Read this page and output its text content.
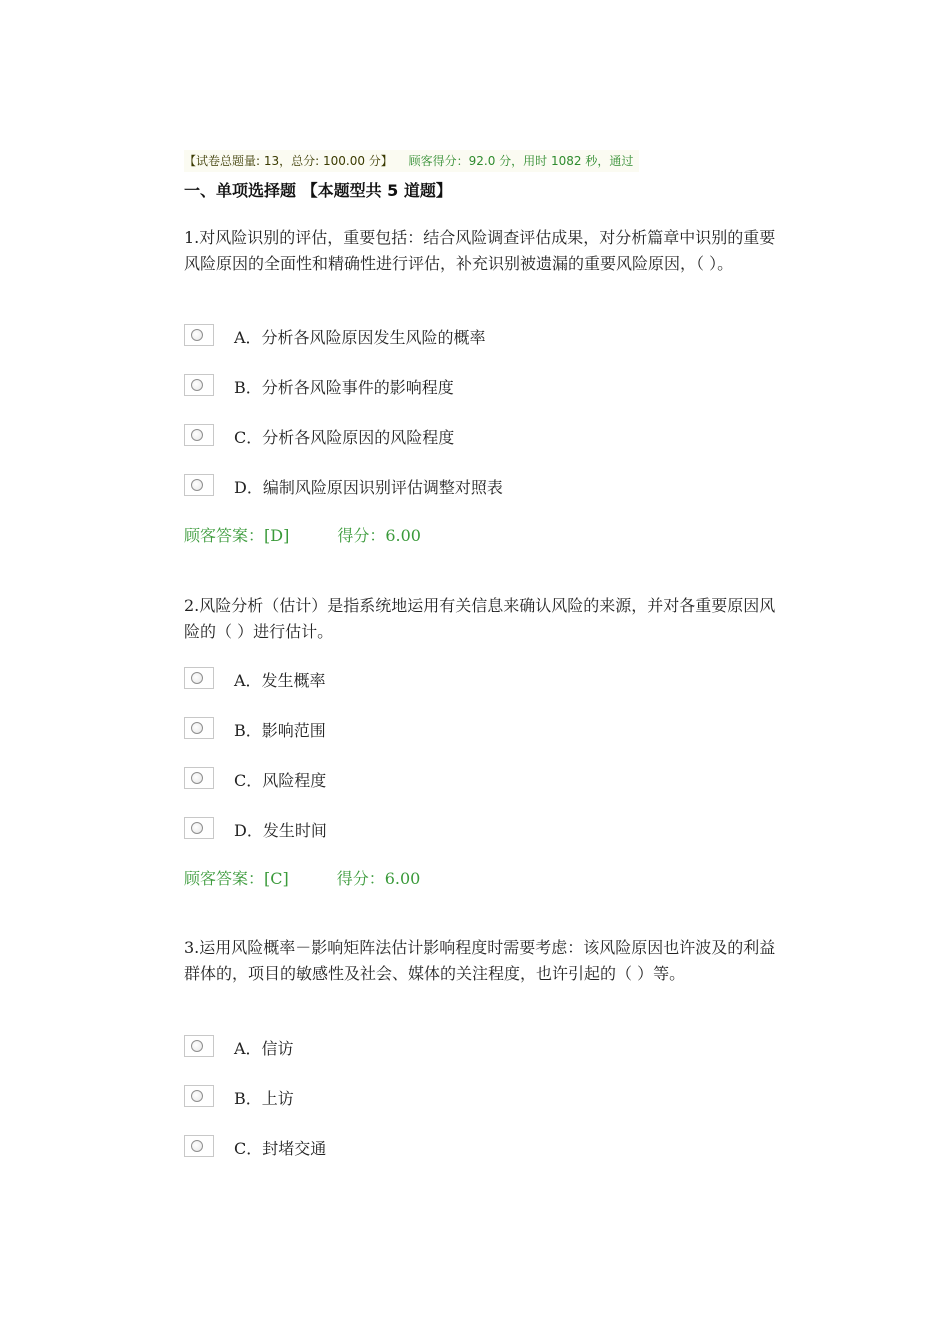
【试卷总题量: 13，总分: 100.00 分】 顾客得分：92.0 分，用时 1082 秒，通过
一、单项选择题 【本题型共 5 道题】
1.对风险识别的评估，重要包括：结合风险调查评估成果，对分析篇章中识别的重要风险原因的全面性和精确性进行评估，补充识别被遗漏的重要风险原因，（ ）。
A．分析各风险原因发生风险的概率
B．分析各风险事件的影响程度
C．分析各风险原因的风险程度
D．编制风险原因识别评估调整对照表
顾客答案：[D]	得分：6.00
2.风险分析（估计）是指系统地运用有关信息来确认风险的来源，并对各重要原因风险的（ ）进行估计。
A．发生概率
B．影响范围
C．风险程度
D．发生时间
顾客答案：[C]	得分：6.00
3.运用风险概率－影响矩阵法估计影响程度时需要考虑：该风险原因也许波及的利益群体的，项目的敏感性及社会、媒体的关注程度，也许引起的（ ）等。
A．信访
B．上访
C．封堵交通
